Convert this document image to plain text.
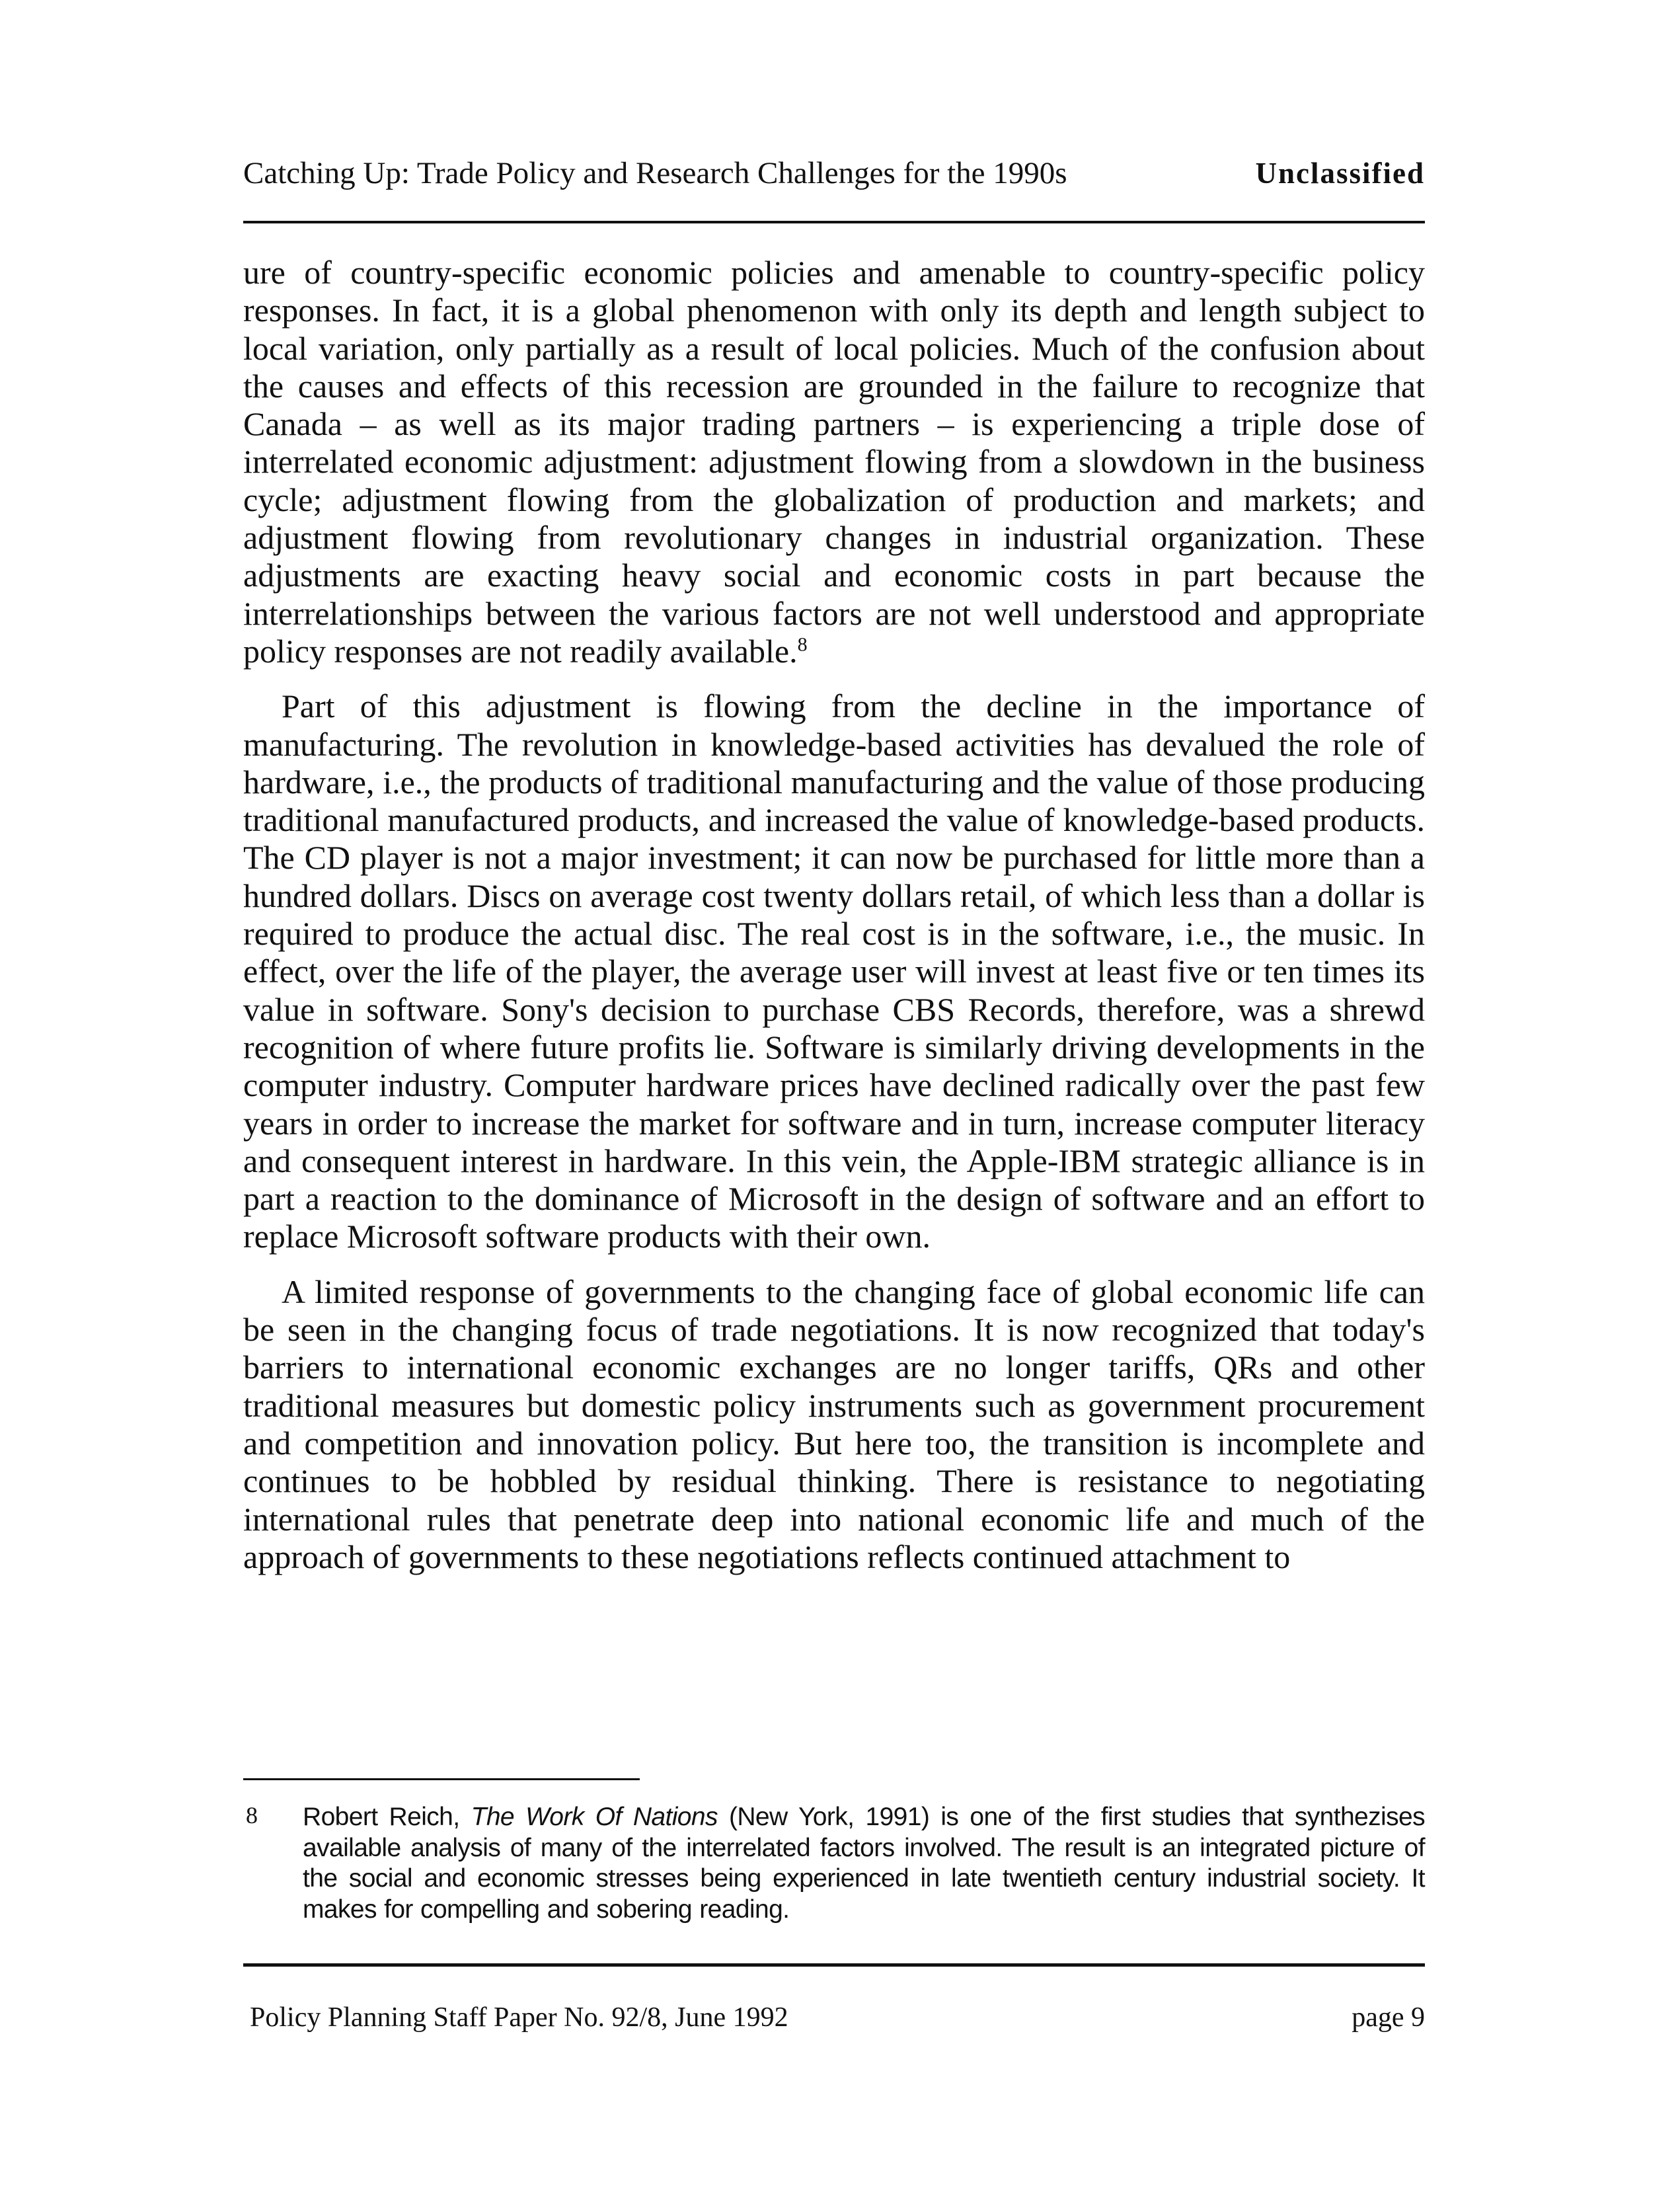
Catching Up: Trade Policy and Research Challenges for the 1990s	Unclassified

ure of country-specific economic policies and amenable to country-specific policy responses. In fact, it is a global phenomenon with only its depth and length subject to local variation, only partially as a result of local policies. Much of the confusion about the causes and effects of this recession are grounded in the failure to recognize that Canada – as well as its major trading partners – is experiencing a triple dose of interrelated economic adjustment: adjustment flowing from a slowdown in the business cycle; adjustment flowing from the globalization of production and markets; and adjustment flowing from revolutionary changes in industrial organization. These adjustments are exacting heavy social and economic costs in part because the interrelationships between the various factors are not well understood and appropriate policy responses are not readily available.$^8$

Part of this adjustment is flowing from the decline in the importance of manufacturing. The revolution in knowledge-based activities has devalued the role of hardware, i.e., the products of traditional manufacturing and the value of those producing traditional manufactured products, and increased the value of knowledge-based products. The CD player is not a major investment; it can now be purchased for little more than a hundred dollars. Discs on average cost twenty dollars retail, of which less than a dollar is required to produce the actual disc. The real cost is in the software, i.e., the music. In effect, over the life of the player, the average user will invest at least five or ten times its value in software. Sony's decision to purchase CBS Records, therefore, was a shrewd recognition of where future profits lie. Software is similarly driving developments in the computer industry. Computer hardware prices have declined radically over the past few years in order to increase the market for software and in turn, increase computer literacy and consequent interest in hardware. In this vein, the Apple-IBM strategic alliance is in part a reaction to the dominance of Microsoft in the design of software and an effort to replace Microsoft software products with their own.

A limited response of governments to the changing face of global economic life can be seen in the changing focus of trade negotiations. It is now recognized that today's barriers to international economic exchanges are no longer tariffs, QRs and other traditional measures but domestic policy instruments such as government procurement and competition and innovation policy. But here too, the transition is incomplete and continues to be hobbled by residual thinking. There is resistance to negotiating international rules that penetrate deep into national economic life and much of the approach of governments to these negotiations reflects continued attachment to

8 Robert Reich, The Work Of Nations (New York, 1991) is one of the first studies that synthezises available analysis of many of the interrelated factors involved. The result is an integrated picture of the social and economic stresses being experienced in late twentieth century industrial society. It makes for compelling and sobering reading.
Policy Planning Staff Paper No. 92/8, June 1992	page 9
